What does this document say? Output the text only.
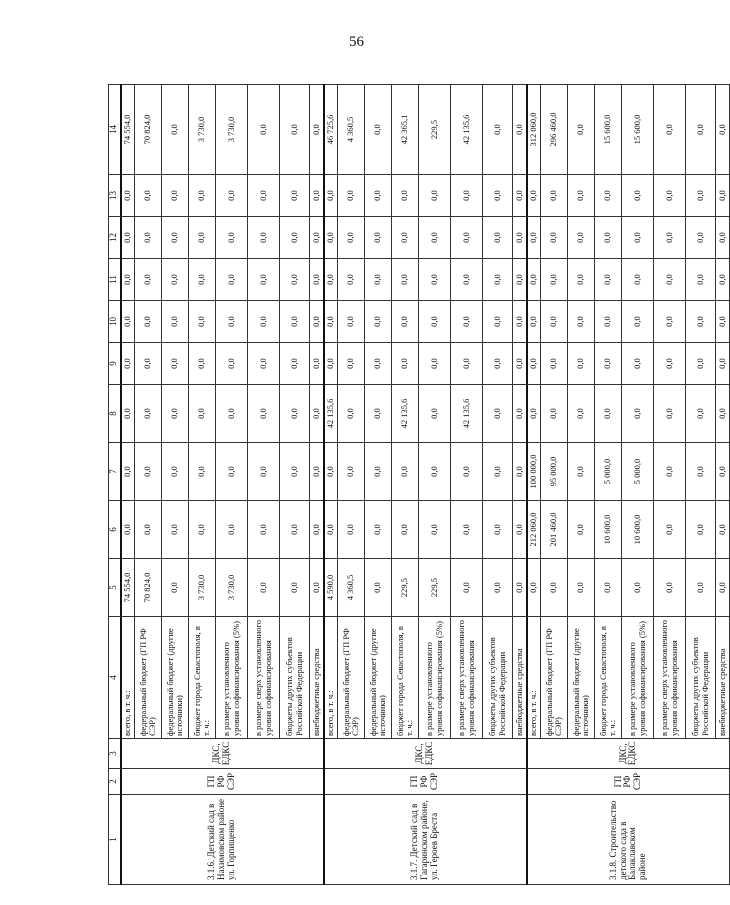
56
1	2	3	4	5	6	7	8	9	10	11	12	13	14
3.1.6. Детский сад в Нахимовском районе ул. Горпищенко	ГП РФ СЭР	ДКС, ЕДКС	всего, в т. ч.:	74 554,0	0,0	0,0	0,0	0,0	0,0	0,0	0,0	0,0	74 554,0
			федеральный бюджет (ГП РФ СЭР)	70 824,0	0,0	0,0	0,0	0,0	0,0	0,0	0,0	0,0	70 824,0
			федеральный бюджет (другие источники)	0,0	0,0	0,0	0,0	0,0	0,0	0,0	0,0	0,0	0,0
			бюджет города Севастополя, в т. ч.:	3 730,0	0,0	0,0	0,0	0,0	0,0	0,0	0,0	0,0	3 730,0
			в размере установленного уровня софинансирования (5%)	3 730,0	0,0	0,0	0,0	0,0	0,0	0,0	0,0	0,0	3 730,0
			в размере сверх установленного уровня софинансирования	0,0	0,0	0,0	0,0	0,0	0,0	0,0	0,0	0,0	0,0
			бюджеты других субъектов Российской Федерации	0,0	0,0	0,0	0,0	0,0	0,0	0,0	0,0	0,0	0,0
			внебюджетные средства	0,0	0,0	0,0	0,0	0,0	0,0	0,0	0,0	0,0	0,0
3.1.7. Детский сад в Гагаринском районе, ул. Героев Бреста	ГП РФ СЭР	ДКС, ЕДКС	всего, в т. ч.:	4 590,0	0,0	0,0	42 135,6	0,0	0,0	0,0	0,0	0,0	46 725,6
			федеральный бюджет (ГП РФ СЭР)	4 360,5	0,0	0,0	0,0	0,0	0,0	0,0	0,0	0,0	4 360,5
			федеральный бюджет (другие источники)	0,0	0,0	0,0	0,0	0,0	0,0	0,0	0,0	0,0	0,0
			бюджет города Севастополя, в т. ч.:	229,5	0,0	0,0	42 135,6	0,0	0,0	0,0	0,0	0,0	42 365,1
			в размере установленного уровня софинансирования (5%)	229,5	0,0	0,0	0,0	0,0	0,0	0,0	0,0	0,0	229,5
			в размере сверх установленного уровня софинансирования	0,0	0,0	0,0	42 135,6	0,0	0,0	0,0	0,0	0,0	42 135,6
			бюджеты других субъектов Российской Федерации	0,0	0,0	0,0	0,0	0,0	0,0	0,0	0,0	0,0	0,0
			внебюджетные средства	0,0	0,0	0,0	0,0	0,0	0,0	0,0	0,0	0,0	0,0
3.1.8. Строительство детского сада в Балаклавском районе	ГП РФ СЭР	ДКС, ЕДКС	всего, в т. ч.:	0,0	212 060,0	100 000,0	0,0	0,0	0,0	0,0	0,0	0,0	312 060,0
			федеральный бюджет (ГП РФ СЭР)	0,0	201 460,0	95 000,0	0,0	0,0	0,0	0,0	0,0	0,0	296 460,0
			федеральный бюджет (другие источники)	0,0	0,0	0,0	0,0	0,0	0,0	0,0	0,0	0,0	0,0
			бюджет города Севастополя, в т. ч.:	0,0	10 600,0	5 000,0	0,0	0,0	0,0	0,0	0,0	0,0	15 600,0
			в размере установленного уровня софинансирования (5%)	0,0	10 600,0	5 000,0	0,0	0,0	0,0	0,0	0,0	0,0	15 600,0
			в размере сверх установленного уровня софинансирования	0,0	0,0	0,0	0,0	0,0	0,0	0,0	0,0	0,0	0,0
			бюджеты других субъектов Российской Федерации	0,0	0,0	0,0	0,0	0,0	0,0	0,0	0,0	0,0	0,0
			внебюджетные средства	0,0	0,0	0,0	0,0	0,0	0,0	0,0	0,0	0,0	0,0
